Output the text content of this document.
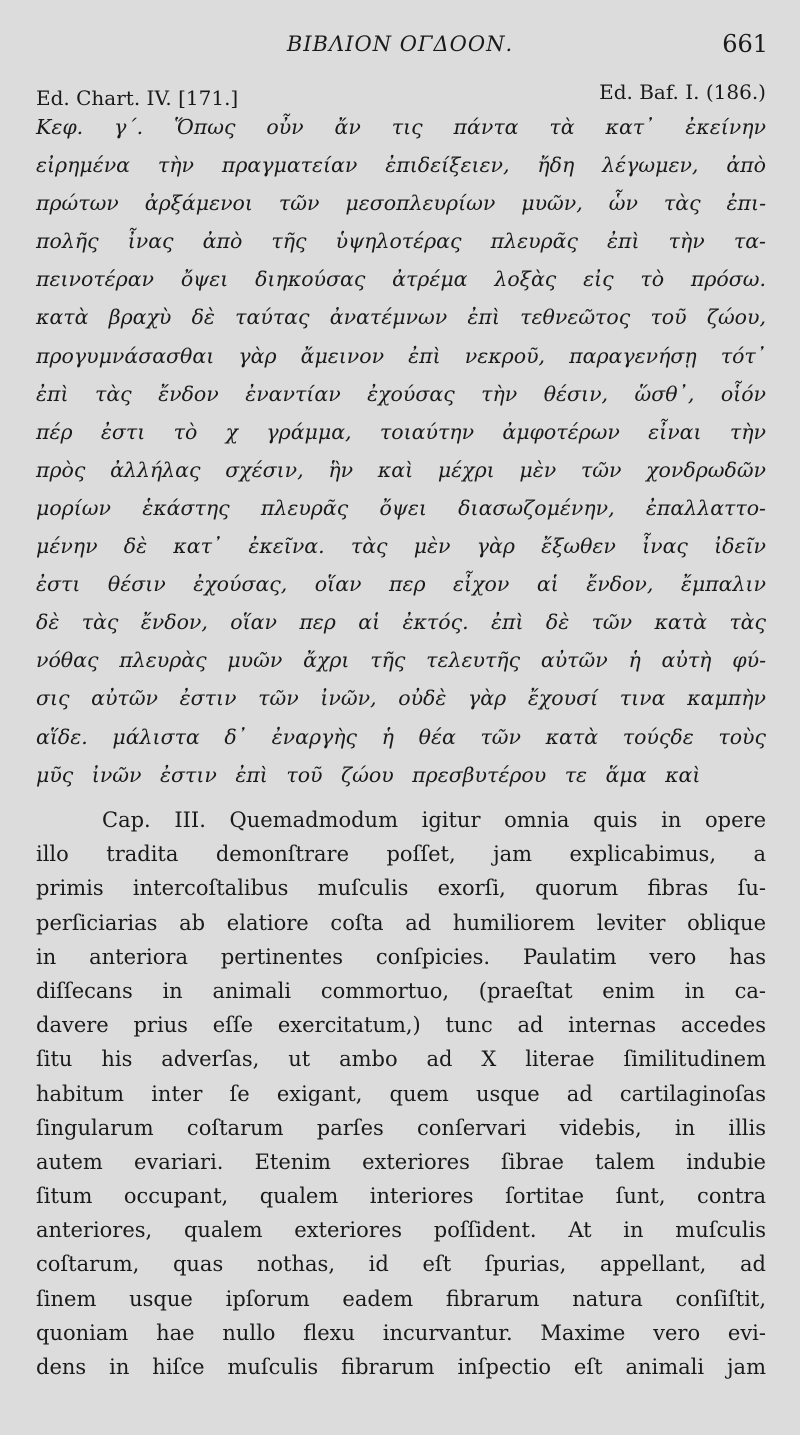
ΒΙΒΛΙΟΝ ΟΓΔΟΟΝ.	661
Ed. Chart. IV. [171.]	Ed. Baf. I. (186.)
Κεφ. γ΄. Ὅπως οὖν ἄν τις πάντα τὰ κατ᾿ ἐκείνην
εἰρημένα τὴν πραγματείαν ἐπιδείξειεν, ἤδη λέγωμεν, ἀπὸ
πρώτων ἀρξάμενοι τῶν μεσοπλευρίων μυῶν, ὧν τὰς ἐπι-
πολῆς ἶνας ἀπὸ τῆς ὑψηλοτέρας πλευρᾶς ἐπὶ τὴν τα-
πεινοτέραν ὄψει διηκούσας ἀτρέμα λοξὰς εἰς τὸ πρόσω.
κατὰ βραχὺ δὲ ταύτας ἀνατέμνων ἐπὶ τεθνεῶτος τοῦ ζώου,
προγυμνάσασθαι γὰρ ἄμεινον ἐπὶ νεκροῦ, παραγενήσῃ τότ᾿
ἐπὶ τὰς ἔνδον ἐναντίαν ἐχούσας τὴν θέσιν, ὥσθ᾿, οἷόν
πέρ ἐστι τὸ χ γράμμα, τοιαύτην ἀμφοτέρων εἶναι τὴν
πρὸς ἀλλήλας σχέσιν, ἣν καὶ μέχρι μὲν τῶν χονδρωδῶν
μορίων ἑκάστης πλευρᾶς ὄψει διασωζομένην, ἐπαλλαττο-
μένην δὲ κατ᾿ ἐκεῖνα. τὰς μὲν γὰρ ἔξωθεν ἶνας ἰδεῖν
ἐστι θέσιν ἐχούσας, οἵαν περ εἶχον αἱ ἔνδον, ἔμπαλιν
δὲ τὰς ἔνδον, οἵαν περ αἱ ἐκτός. ἐπὶ δὲ τῶν κατὰ τὰς
νόθας πλευρὰς μυῶν ἄχρι τῆς τελευτῆς αὐτῶν ἡ αὐτὴ φύ-
σις αὐτῶν ἐστιν τῶν ἰνῶν, οὐδὲ γὰρ ἔχουσί τινα καμπὴν
αἵδε. μάλιστα δ᾿ ἐναργὴς ἡ θέα τῶν κατὰ τούςδε τοὺς
μῦς ἰνῶν ἐστιν ἐπὶ τοῦ ζώου πρεσβυτέρου τε ἅμα καὶ
Cap. III. Quemadmodum igitur omnia quis in opere
illo tradita demonſtrare poſſet, jam explicabimus, a
primis intercoſtalibus muſculis exorſi, quorum fibras ſu-
perſiciarias ab elatiore coſta ad humiliorem leviter oblique
in anteriora pertinentes conſpicies. Paulatim vero has
diſſecans in animali commortuo, (praeſtat enim in ca-
davere prius eſſe exercitatum,) tunc ad internas accedes
ſitu his adverſas, ut ambo ad X literae ſimilitudinem
habitum inter ſe exigant, quem usque ad cartilaginoſas
ſingularum coſtarum parſes conſervari videbis, in illis
autem evariari. Etenim exteriores ſibrae talem indubie
ſitum occupant, qualem interiores ſortitae ſunt, contra
anteriores, qualem exteriores poſſident. At in muſculis
coſtarum, quas nothas, id eſt ſpurias, appellant, ad
ſinem usque ipſorum eadem fibrarum natura conſiſtit,
quoniam hae nullo flexu incurvantur. Maxime vero evi-
dens in hiſce muſculis fibrarum inſpectio eſt animali jam
